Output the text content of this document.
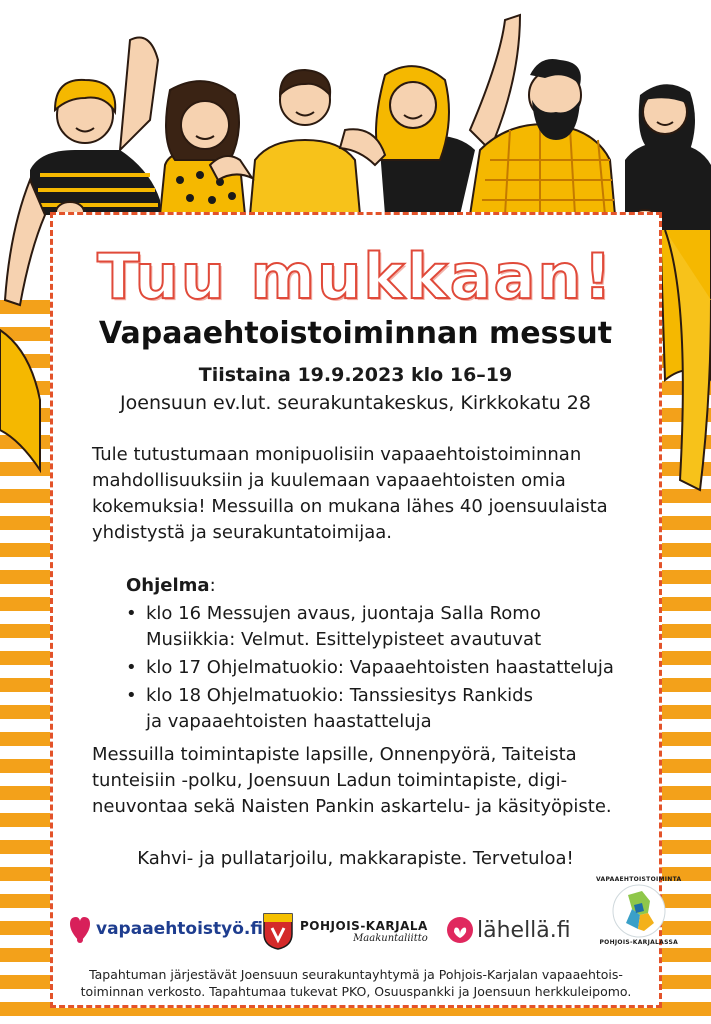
Tuu mukkaan!
Vapaaehtoistoiminnan messut
Tiistaina 19.9.2023 klo 16–19
Joensuun ev.lut. seurakuntakeskus, Kirkkokatu 28
Tule tutustumaan monipuolisiin vapaaehtoistoiminnan mahdollisuuksiin ja kuulemaan vapaaehtoisten omia kokemuksia! Messuilla on mukana lähes 40 joensuulaista yhdistystä ja seurakuntatoimijaa.
Ohjelma:
• klo 16 Messujen avaus, juontaja Salla Romo
Musiikkia: Velmut. Esittelypisteet avautuvat
• klo 17 Ohjelmatuokio: Vapaaehtoisten haastatteluja
• klo 18 Ohjelmatuokio: Tanssiesitys Rankids
ja vapaaehtoisten haastatteluja
Messuilla toimintapiste lapsille, Onnenpyörä, Taiteista tunteisiin -polku, Joensuun Ladun toimintapiste, digi-neuvontaa sekä Naisten Pankin askartelu- ja käsityöpiste.
Kahvi- ja pullatarjoilu, makkarapiste. Tervetuloa!
vapaaehtoistyö.fi	POHJOIS-KARJALA
Maakuntaliitto lähellä.fi
VAPAAEHTOISTOIMINTA
POHJOIS-KARJALASSA
Tapahtuman järjestävät Joensuun seurakuntayhtymä ja Pohjois-Karjalan vapaaehtois-
toiminnan verkosto. Tapahtumaa tukevat PKO, Osuuspankki ja Joensuun herkkuleipomo.
